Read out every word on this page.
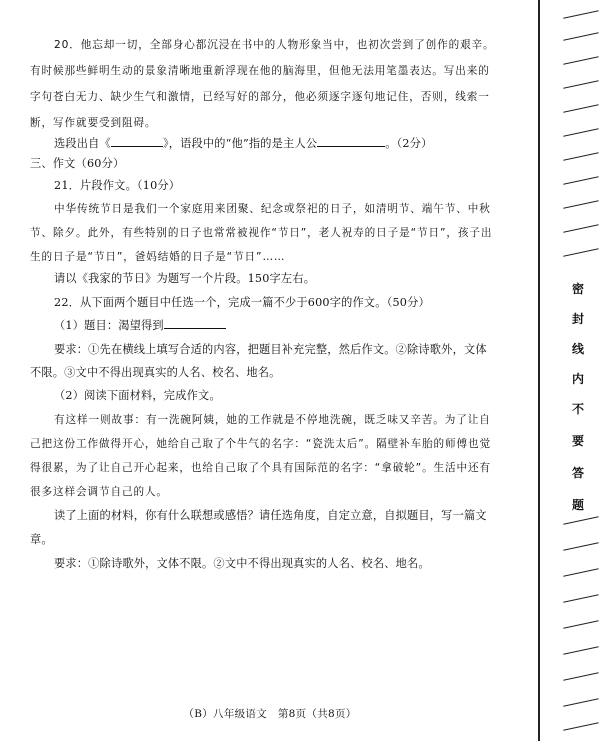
20．他忘却一切，全部身心都沉浸在书中的人物形象当中，也初次尝到了创作的艰辛。
有时候那些鲜明生动的景象清晰地重新浮现在他的脑海里，但他无法用笔墨表达。写出来的
字句苍白无力、缺少生气和激情，已经写好的部分，他必须逐字逐句地记住，否则，线索一
断，写作就要受到阻碍。
选段出自《	》，语段中的“他”指的是主人公	。（2分）
三、作文（60分）
21．片段作文。（10分）
中华传统节日是我们一个家庭用来团聚、纪念或祭祀的日子，如清明节、端午节、中秋
节、除夕。此外，有些特别的日子也常常被视作“节日”，老人祝寿的日子是“节日”，孩子出
生的日子是“节日”，爸妈结婚的日子是“节日”……
请以《我家的节日》为题写一个片段。150字左右。
22．从下面两个题目中任选一个，完成一篇不少于600字的作文。（50分）
（1）题目：渴望得到
要求：①先在横线上填写合适的内容，把题目补充完整，然后作文。②除诗歌外，文体
不限。③文中不得出现真实的人名、校名、地名。
（2）阅读下面材料，完成作文。
有这样一则故事：有一洗碗阿姨，她的工作就是不停地洗碗，既乏味又辛苦。为了让自
己把这份工作做得开心，她给自己取了个牛气的名字：“瓷洗太后”。隔壁补车胎的师傅也觉
得很累，为了让自己开心起来，也给自己取了个具有国际范的名字：“拿破轮”。生活中还有
很多这样会调节自己的人。
读了上面的材料，你有什么联想或感悟？请任选角度，自定立意，自拟题目，写一篇文
章。
要求：①除诗歌外，文体不限。②文中不得出现真实的人名、校名、地名。
（B）八年级语文　第8页（共8页）
密
封
线
内
不
要
答
题
